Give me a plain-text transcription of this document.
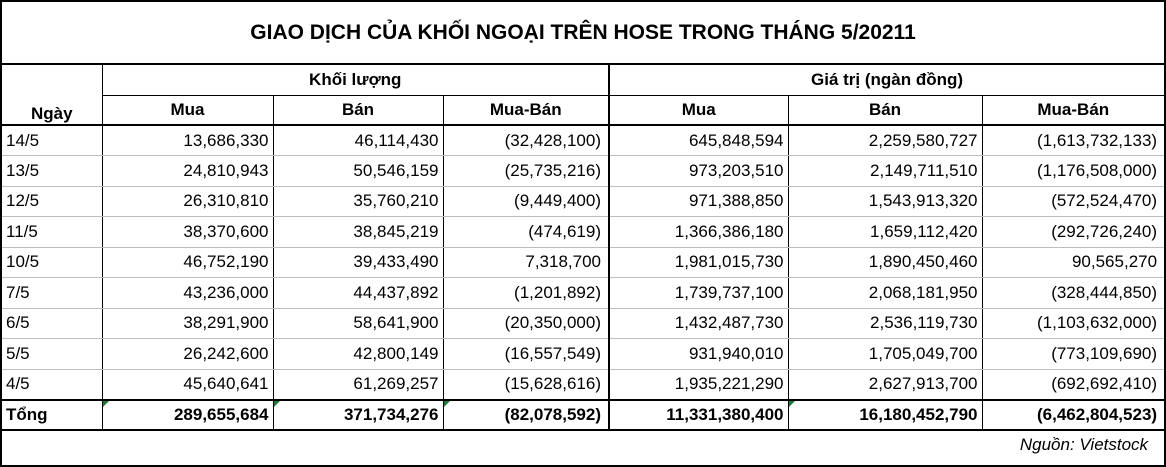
GIAO DỊCH CỦA KHỐI NGOẠI TRÊN HOSE TRONG THÁNG 5/20211						
Ngày	Khối lượng			Giá trị (ngàn đồng)		
	Mua	Bán	Mua-Bán	Mua	Bán	Mua-Bán
14/5	13,686,330	46,114,430	(32,428,100)	645,848,594	2,259,580,727	(1,613,732,133)
13/5	24,810,943	50,546,159	(25,735,216)	973,203,510	2,149,711,510	(1,176,508,000)
12/5	26,310,810	35,760,210	(9,449,400)	971,388,850	1,543,913,320	(572,524,470)
11/5	38,370,600	38,845,219	(474,619)	1,366,386,180	1,659,112,420	(292,726,240)
10/5	46,752,190	39,433,490	7,318,700	1,981,015,730	1,890,450,460	90,565,270
7/5	43,236,000	44,437,892	(1,201,892)	1,739,737,100	2,068,181,950	(328,444,850)
6/5	38,291,900	58,641,900	(20,350,000)	1,432,487,730	2,536,119,730	(1,103,632,000)
5/5	26,242,600	42,800,149	(16,557,549)	931,940,010	1,705,049,700	(773,109,690)
4/5	45,640,641	61,269,257	(15,628,616)	1,935,221,290	2,627,913,700	(692,692,410)
Tổng	289,655,684	371,734,276	(82,078,592)	11,331,380,400	16,180,452,790	(6,462,804,523)
Nguồn: Vietstock						
